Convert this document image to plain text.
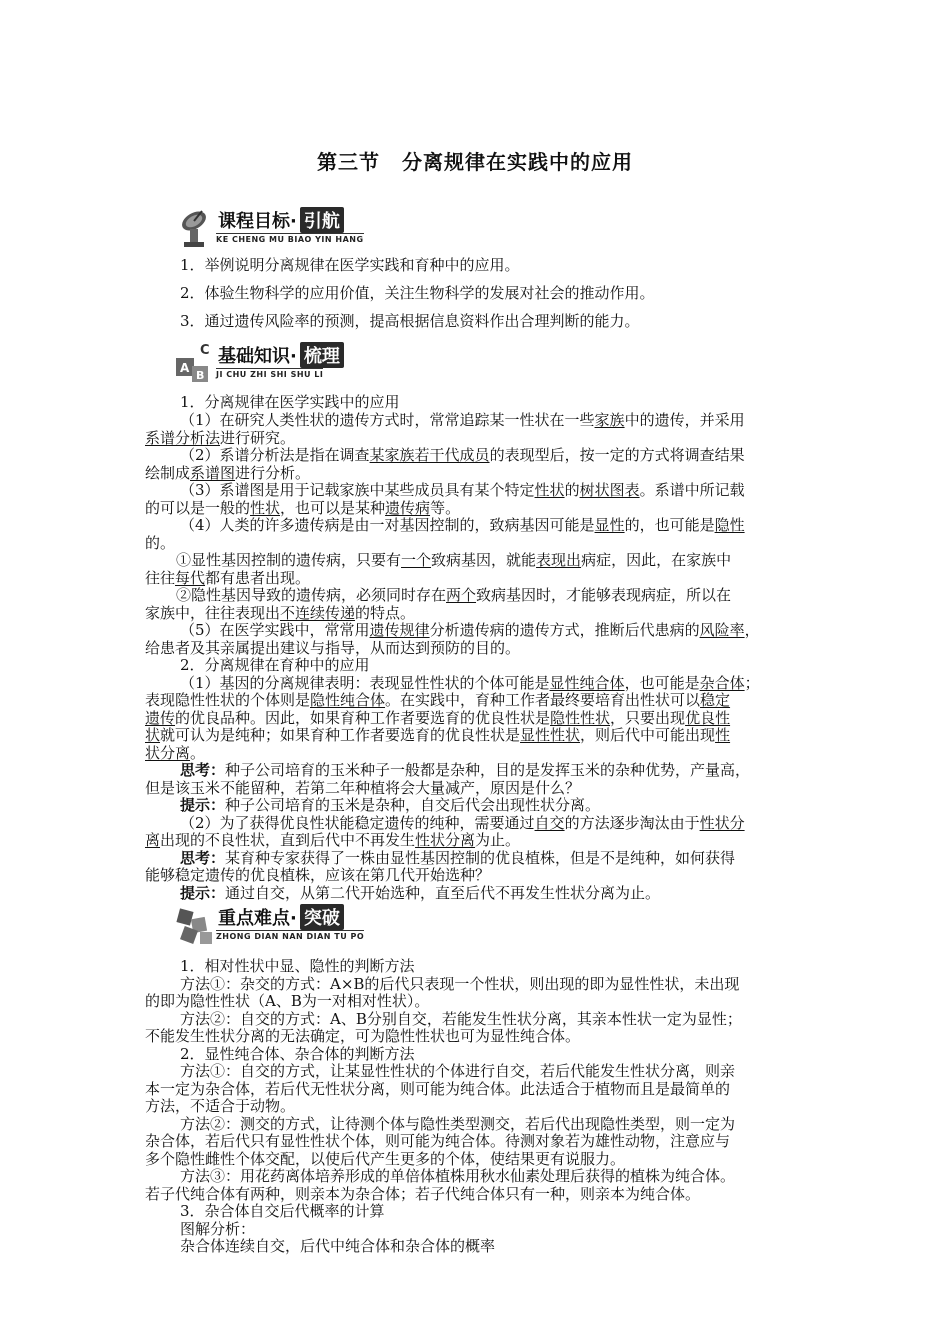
第三节 分离规律在实践中的应用
课程目标· 引航
KE CHENG MU BIAO YIN HANG
1．举例说明分离规律在医学实践和育种中的应用。
2．体验生物科学的应用价值，关注生物科学的发展对社会的推动作用。
3．通过遗传风险率的预测，提高根据信息资料作出合理判断的能力。
A
B
C 基础知识· 梳理
JI CHU ZHI SHI SHU LI
1．分离规律在医学实践中的应用
（1）在研究人类性状的遗传方式时，常常追踪某一性状在一些家族中的遗传，并采用
系谱分析法进行研究。
（2）系谱分析法是指在调查某家族若干代成员的表现型后，按一定的方式将调查结果
绘制成系谱图进行分析。
（3）系谱图是用于记载家族中某些成员具有某个特定性状的树状图表。系谱中所记载
的可以是一般的性状，也可以是某种遗传病等。
（4）人类的许多遗传病是由一对基因控制的，致病基因可能是显性的，也可能是隐性
的。
①显性基因控制的遗传病，只要有一个致病基因，就能表现出病症，因此，在家族中
往往每代都有患者出现。
②隐性基因导致的遗传病，必须同时存在两个致病基因时，才能够表现病症，所以在
家族中，往往表现出不连续传递的特点。
（5）在医学实践中，常常用遗传规律分析遗传病的遗传方式，推断后代患病的风险率，
给患者及其亲属提出建议与指导，从而达到预防的目的。
2．分离规律在育种中的应用
（1）基因的分离规律表明：表现显性性状的个体可能是显性纯合体，也可能是杂合体；
表现隐性性状的个体则是隐性纯合体。在实践中，育种工作者最终要培育出性状可以稳定
遗传的优良品种。因此，如果育种工作者要选育的优良性状是隐性性状，只要出现优良性
状就可认为是纯种；如果育种工作者要选育的优良性状是显性性状，则后代中可能出现性
状分离。
思考：种子公司培育的玉米种子一般都是杂种，目的是发挥玉米的杂种优势，产量高，
但是该玉米不能留种，若第二年种植将会大量减产，原因是什么？
提示：种子公司培育的玉米是杂种，自交后代会出现性状分离。
（2）为了获得优良性状能稳定遗传的纯种，需要通过自交的方法逐步淘汰由于性状分
离出现的不良性状，直到后代中不再发生性状分离为止。
思考：某育种专家获得了一株由显性基因控制的优良植株，但是不是纯种，如何获得
能够稳定遗传的优良植株，应该在第几代开始选种？
提示：通过自交，从第二代开始选种，直至后代不再发生性状分离为止。
重点难点· 突破
ZHONG DIAN NAN DIAN TU PO
1．相对性状中显、隐性的判断方法
方法①：杂交的方式：A×B的后代只表现一个性状，则出现的即为显性性状，未出现
的即为隐性性状（A、B为一对相对性状）。
方法②：自交的方式：A、B分别自交，若能发生性状分离，其亲本性状一定为显性；
不能发生性状分离的无法确定，可为隐性性状也可为显性纯合体。
2．显性纯合体、杂合体的判断方法
方法①：自交的方式，让某显性性状的个体进行自交，若后代能发生性状分离，则亲
本一定为杂合体，若后代无性状分离，则可能为纯合体。此法适合于植物而且是最简单的
方法，不适合于动物。
方法②：测交的方式，让待测个体与隐性类型测交，若后代出现隐性类型，则一定为
杂合体，若后代只有显性性状个体，则可能为纯合体。待测对象若为雄性动物，注意应与
多个隐性雌性个体交配，以使后代产生更多的个体，使结果更有说服力。
方法③：用花药离体培养形成的单倍体植株用秋水仙素处理后获得的植株为纯合体。
若子代纯合体有两种，则亲本为杂合体；若子代纯合体只有一种，则亲本为纯合体。
3．杂合体自交后代概率的计算
图解分析：
杂合体连续自交，后代中纯合体和杂合体的概率
